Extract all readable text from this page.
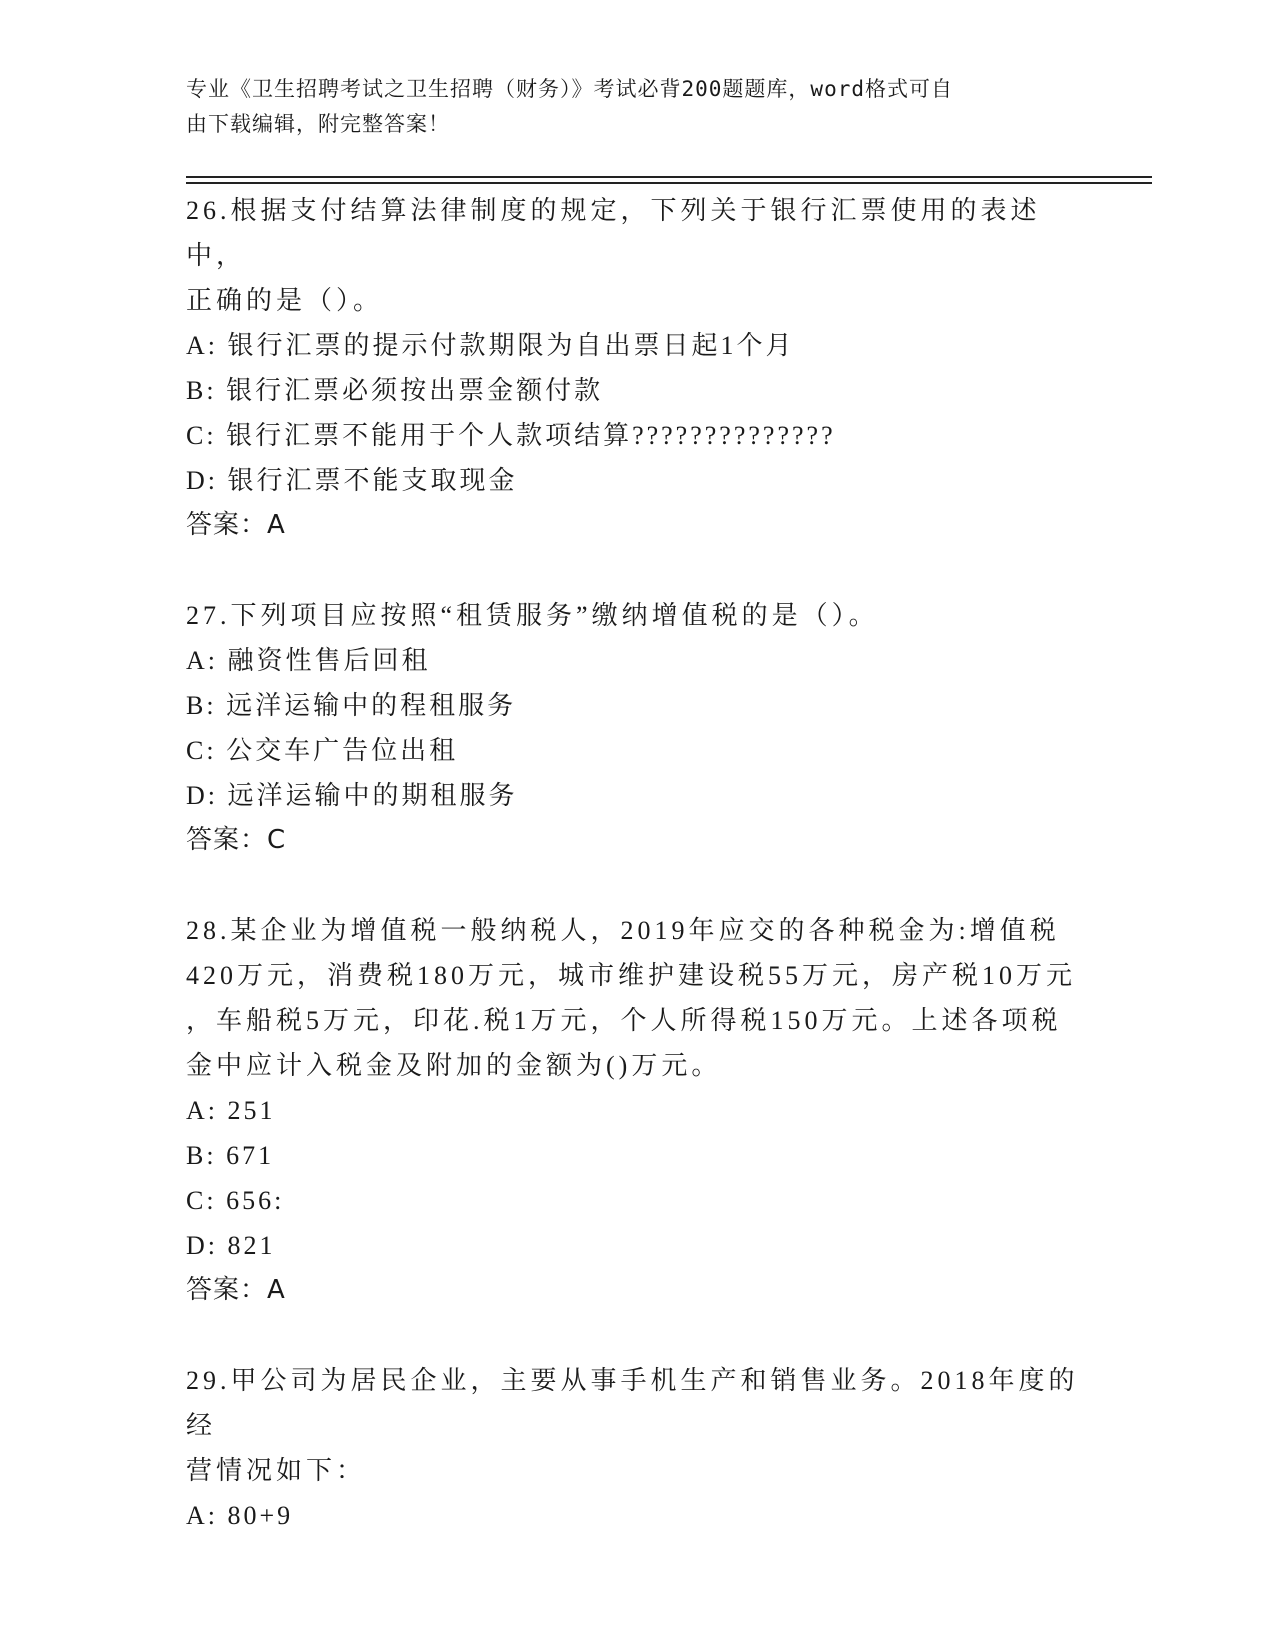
专业《卫生招聘考试之卫生招聘（财务）》考试必背200题题库，word格式可自
由下载编辑，附完整答案！

26.根据支付结算法律制度的规定，下列关于银行汇票使用的表述中，

正确的是（）。

A: 银行汇票的提示付款期限为自出票日起1个月

B: 银行汇票必须按出票金额付款

C: 银行汇票不能用于个人款项结算??????????????

D: 银行汇票不能支取现金

答案：A

27.下列项目应按照“租赁服务”缴纳增值税的是（）。

A: 融资性售后回租

B: 远洋运输中的程租服务

C: 公交车广告位出租

D: 远洋运输中的期租服务

答案：C

28.某企业为增值税一般纳税人，2019年应交的各种税金为:增值税

420万元，消费税180万元，城市维护建设税55万元，房产税10万元

，车船税5万元，印花.税1万元，个人所得税150万元。上述各项税

金中应计入税金及附加的金额为()万元。

A: 251

B: 671

C: 656:

D: 821

答案：A

29.甲公司为居民企业，主要从事手机生产和销售业务。2018年度的经

营情况如下：

A: 80+9
